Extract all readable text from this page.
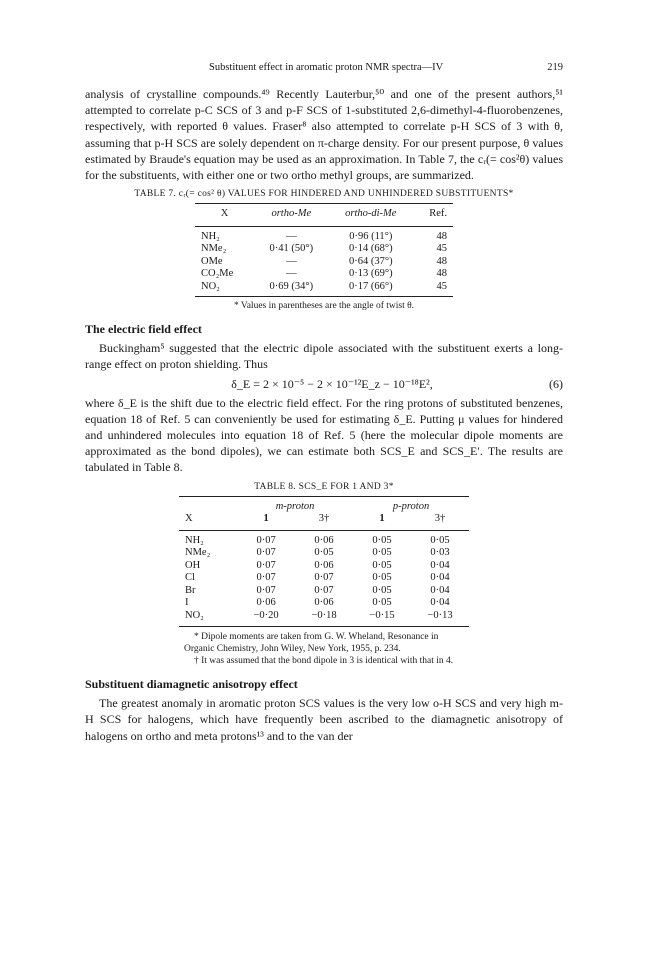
Substituent effect in aromatic proton NMR spectra—IV	219

analysis of crystalline compounds.⁴⁹ Recently Lauterbur,⁵⁰ and one of the present authors,⁵¹ attempted to correlate p-C SCS of 3 and p-F SCS of 1-substituted 2,6-dimethyl-4-fluorobenzenes, respectively, with reported θ values. Fraser⁸ also attempted to correlate p-H SCS of 3 with θ, assuming that p-H SCS are solely dependent on π-charge density. For our present purpose, θ values estimated by Braude's equation may be used as an approximation. In Table 7, the cᵣ(= cos²θ) values for the substituents, with either one or two ortho methyl groups, are summarized.

TABLE 7. cᵣ(= cos² θ) VALUES FOR HINDERED AND UNHINDERED SUBSTITUENTS*
X	ortho-Me	ortho-di-Me	Ref.
NH₂	—	0·96 (11°)	48
NMe₂	0·41 (50°)	0·14 (68°)	45
OMe	—	0·64 (37°)	48
CO₂Me	—	0·13 (69°)	48
NO₂	0·69 (34°)	0·17 (66°)	45
* Values in parentheses are the angle of twist θ.
The electric field effect

Buckingham⁵ suggested that the electric dipole associated with the substituent exerts a long-range effect on proton shielding. Thus

δ_E = 2 × 10⁻⁵ − 2 × 10⁻¹²E_z − 10⁻¹⁸E²,	(6)

where δ_E is the shift due to the electric field effect. For the ring protons of substituted benzenes, equation 18 of Ref. 5 can conveniently be used for estimating δ_E. Putting μ values for hindered and unhindered molecules into equation 18 of Ref. 5 (here the molecular dipole moments are approximated as the bond dipoles), we can estimate both SCS_E and SCS_E′. The results are tabulated in Table 8.

TABLE 8. SCS_E FOR 1 AND 3*
	m-proton		p-proton	
X	1	3†	1	3†
NH₂	0·07	0·06	0·05	0·05
NMe₂	0·07	0·05	0·05	0·03
OH	0·07	0·06	0·05	0·04
Cl	0·07	0·07	0·05	0·04
Br	0·07	0·07	0·05	0·04
I	0·06	0·06	0·05	0·04
NO₂	−0·20	−0·18	−0·15	−0·13
* Dipole moments are taken from G. W. Wheland, Resonance in Organic Chemistry, John Wiley, New York, 1955, p. 234.
† It was assumed that the bond dipole in 3 is identical with that in 4.
Substituent diamagnetic anisotropy effect

The greatest anomaly in aromatic proton SCS values is the very low o-H SCS and very high m-H SCS for halogens, which have frequently been ascribed to the diamagnetic anisotropy of halogens on ortho and meta protons¹³ and to the van der
